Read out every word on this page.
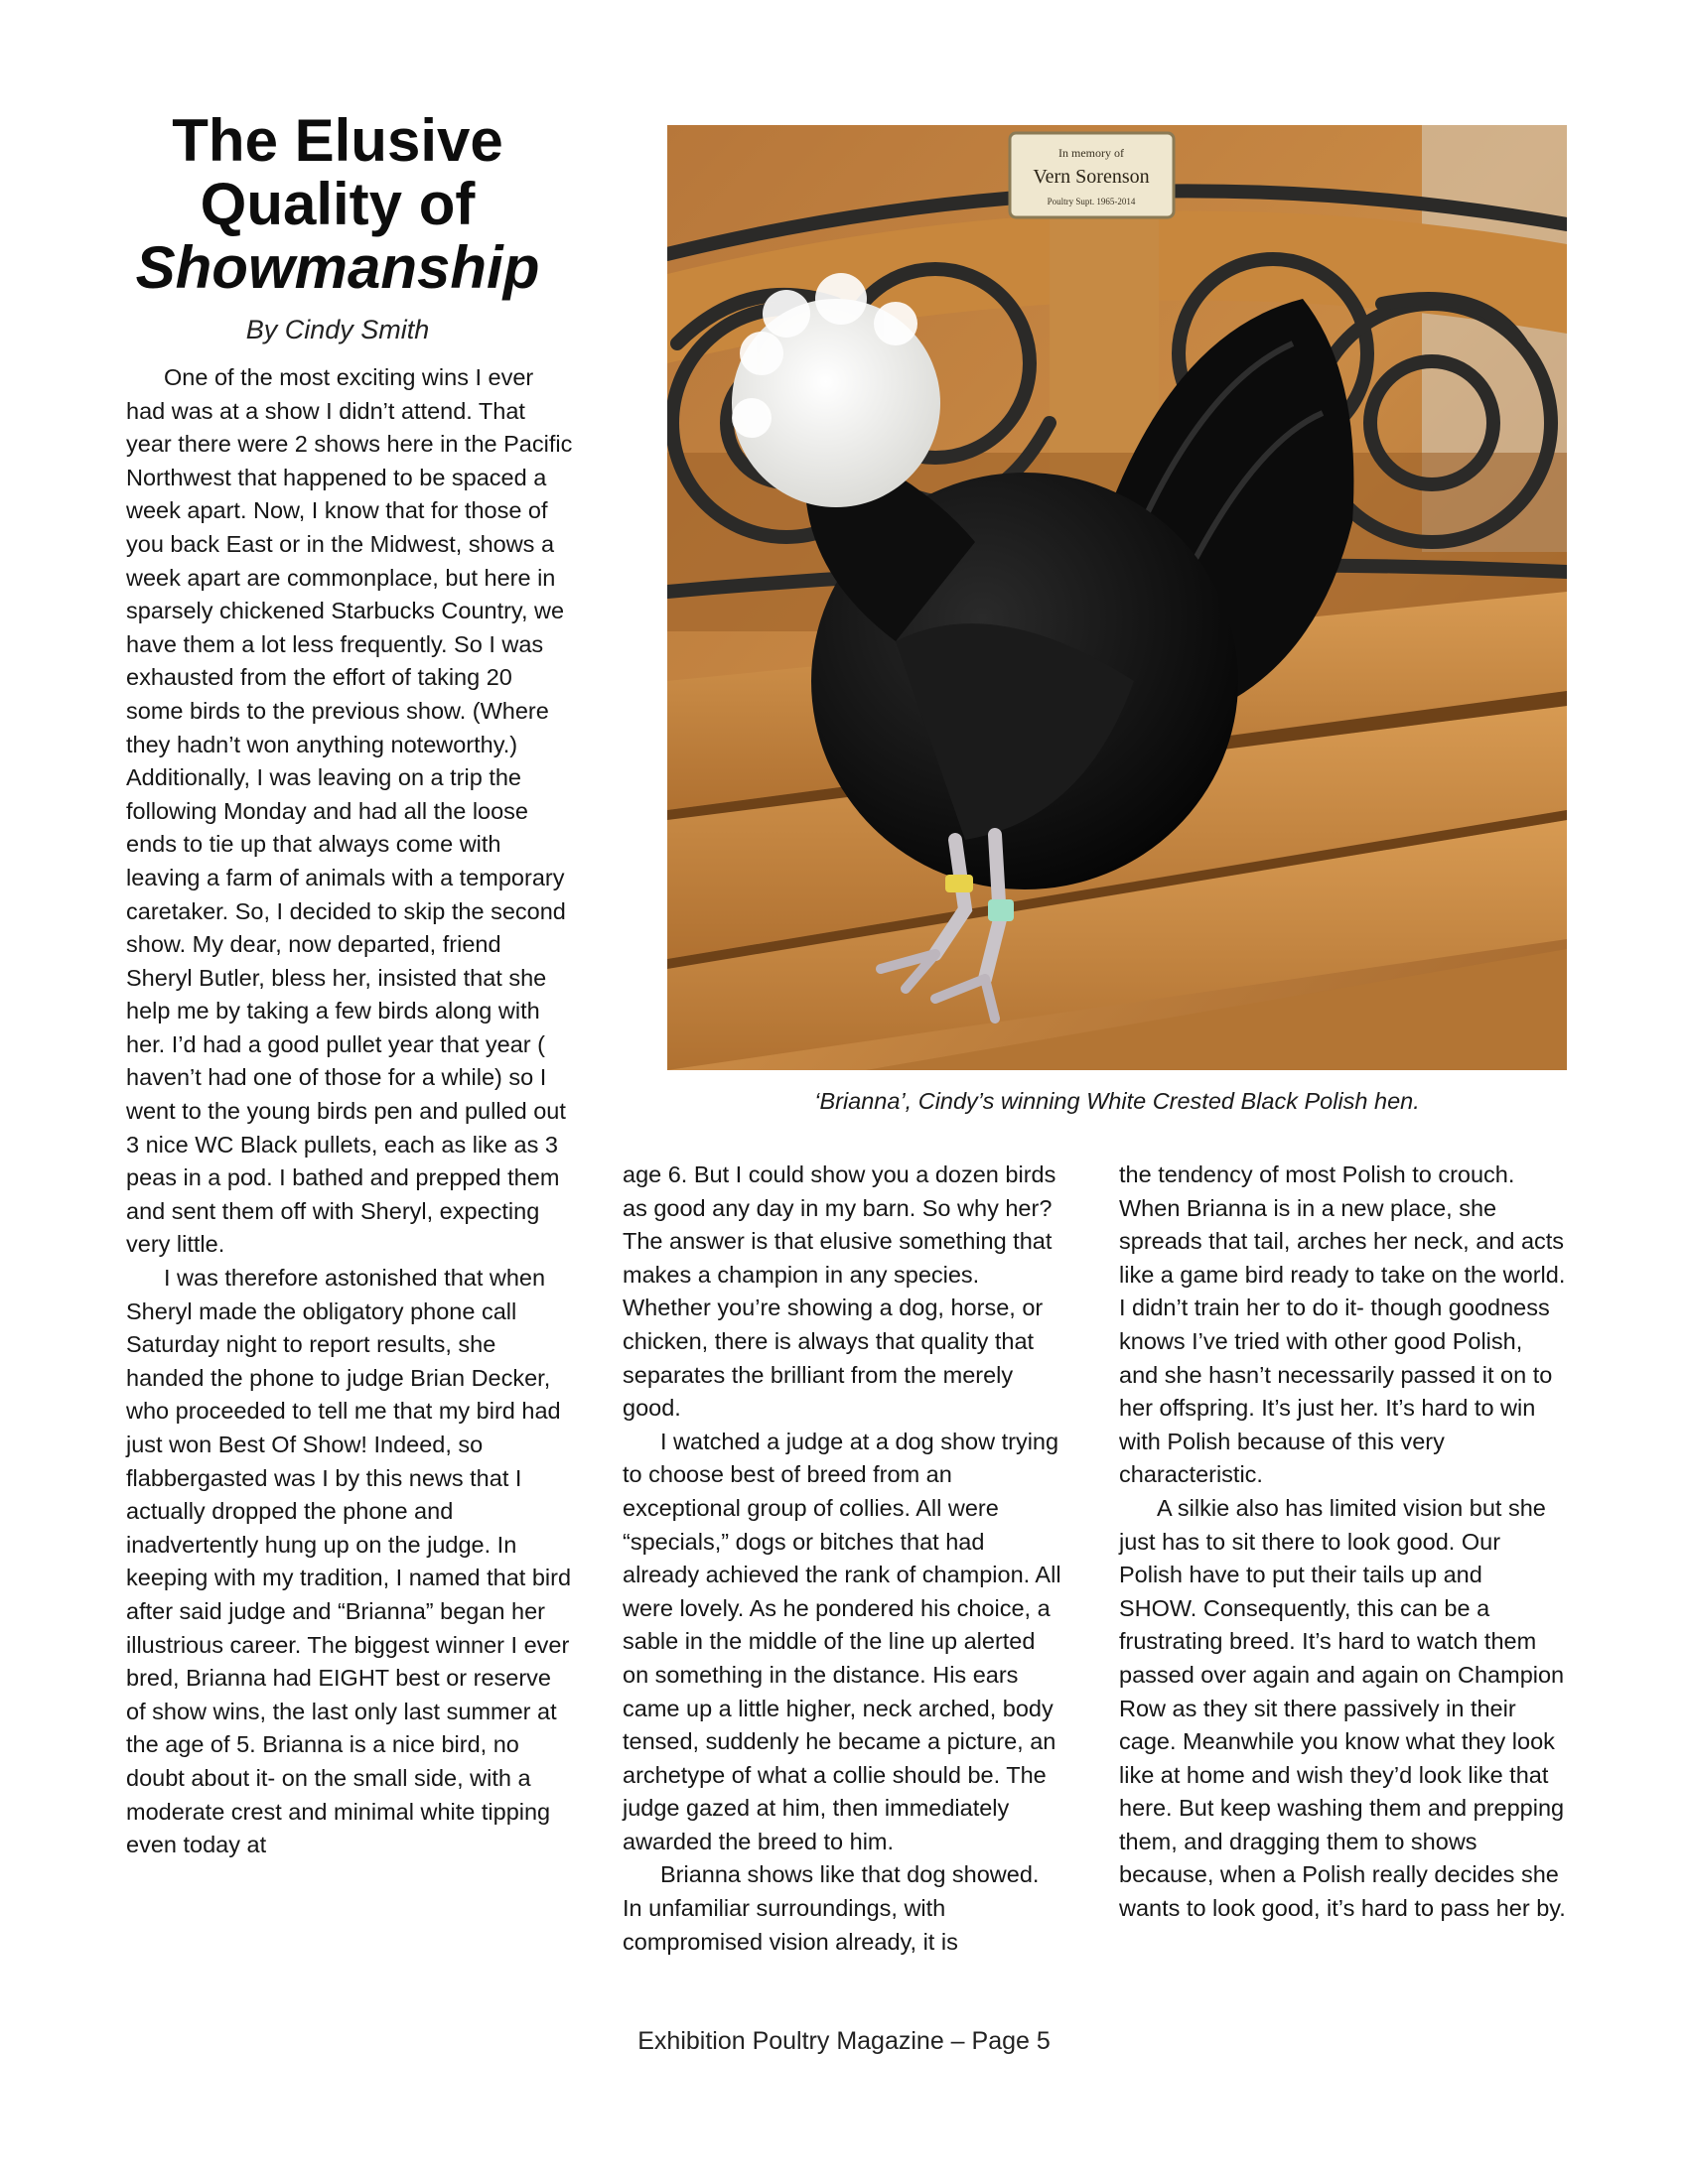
The Elusive
Quality of
Showmanship
By Cindy Smith

One of the most exciting wins I ever had was at a show I didn’t attend. That year there were 2 shows here in the Pacific Northwest that happened to be spaced a week apart. Now, I know that for those of you back East or in the Midwest, shows a week apart are commonplace, but here in sparsely chickened Starbucks Country, we have them a lot less frequently. So I was exhausted from the effort of taking 20 some birds to the previous show. (Where they hadn’t won anything noteworthy.) Additionally, I was leaving on a trip the following Monday and had all the loose ends to tie up that always come with leaving a farm of animals with a temporary caretaker. So, I decided to skip the second show. My dear, now departed, friend Sheryl Butler, bless her, insisted that she help me by taking a few birds along with her. I’d had a good pullet year that year ( haven’t had one of those for a while) so I went to the young birds pen and pulled out 3 nice WC Black pullets, each as like as 3 peas in a pod. I bathed and prepped them and sent them off with Sheryl, expecting very little.

I was therefore astonished that when Sheryl made the obligatory phone call Saturday night to report results, she handed the phone to judge Brian Decker, who proceeded to tell me that my bird had just won Best Of Show! Indeed, so flabbergasted was I by this news that I actually dropped the phone and inadvertently hung up on the judge. In keeping with my tradition, I named that bird after said judge and “Brianna” began her illustrious career. The biggest winner I ever bred, Brianna had EIGHT best or reserve of show wins, the last only last summer at the age of 5. Brianna is a nice bird, no doubt about it- on the small side, with a moderate crest and minimal white tipping even today at

In memory of
Vern Sorenson
Poultry Supt. 1965-2014
‘Brianna’, Cindy’s winning White Crested Black Polish hen.

age 6. But I could show you a dozen birds as good any day in my barn. So why her? The answer is that elusive something that makes a champion in any species. Whether you’re showing a dog, horse, or chicken, there is always that quality that separates the brilliant from the merely good.

I watched a judge at a dog show trying to choose best of breed from an exceptional group of collies. All were “specials,” dogs or bitches that had already achieved the rank of champion. All were lovely. As he pondered his choice, a sable in the middle of the line up alerted on something in the distance. His ears came up a little higher, neck arched, body tensed, suddenly he became a picture, an archetype of what a collie should be. The judge gazed at him, then immediately awarded the breed to him.

Brianna shows like that dog showed. In unfamiliar surroundings, with compromised vision already, it is

the tendency of most Polish to crouch. When Brianna is in a new place, she spreads that tail, arches her neck, and acts like a game bird ready to take on the world. I didn’t train her to do it- though goodness knows I’ve tried with other good Polish, and she hasn’t necessarily passed it on to her offspring. It’s just her. It’s hard to win with Polish because of this very characteristic.

A silkie also has limited vision but she just has to sit there to look good. Our Polish have to put their tails up and SHOW. Consequently, this can be a frustrating breed. It’s hard to watch them passed over again and again on Champion Row as they sit there passively in their cage. Meanwhile you know what they look like at home and wish they’d look like that here. But keep washing them and prepping them, and dragging them to shows because, when a Polish really decides she wants to look good, it’s hard to pass her by.

Exhibition Poultry Magazine – Page 5
